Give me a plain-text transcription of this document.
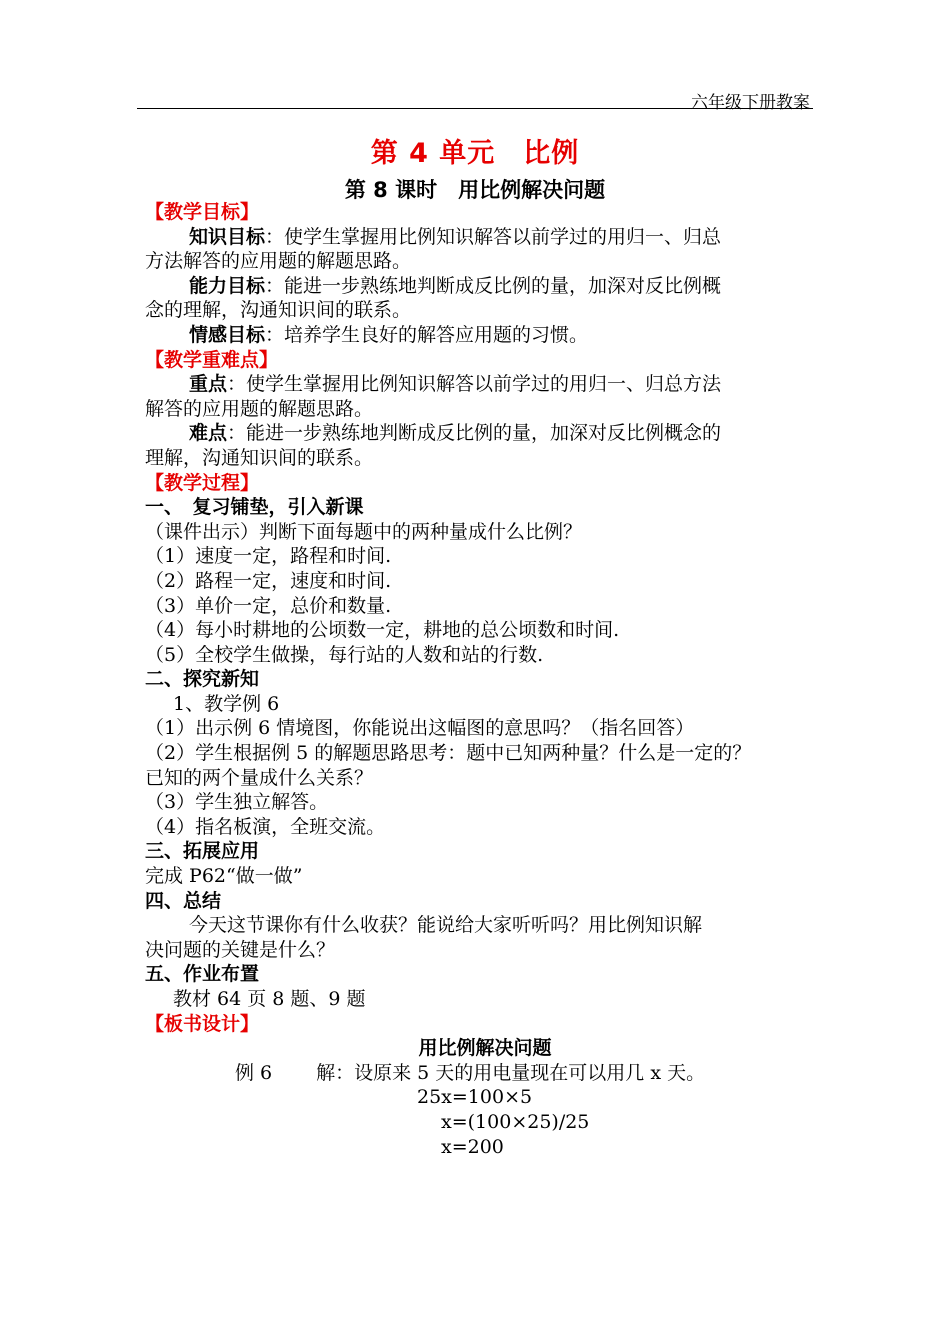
六年级下册教案
第 4 单元　比例
第 8 课时　用比例解决问题
【教学目标】
知识目标：使学生掌握用比例知识解答以前学过的用归一、归总
方法解答的应用题的解题思路。
能力目标：能进一步熟练地判断成反比例的量，加深对反比例概
念的理解，沟通知识间的联系。
情感目标：培养学生良好的解答应用题的习惯。
【教学重难点】
重点：使学生掌握用比例知识解答以前学过的用归一、归总方法
解答的应用题的解题思路。
难点：能进一步熟练地判断成反比例的量，加深对反比例概念的
理解，沟通知识间的联系。
【教学过程】
一、　复习铺垫，引入新课
（课件出示）判断下面每题中的两种量成什么比例？
（1）速度一定，路程和时间.
（2）路程一定，速度和时间.
（3）单价一定，总价和数量.
（4）每小时耕地的公顷数一定，耕地的总公顷数和时间.
（5）全校学生做操，每行站的人数和站的行数.
二、探究新知
1、教学例 6
（1）出示例 6 情境图，你能说出这幅图的意思吗？（指名回答）
（2）学生根据例 5 的解题思路思考：题中已知两种量？什么是一定的？
已知的两个量成什么关系？
（3）学生独立解答。
（4）指名板演，全班交流。
三、拓展应用
完成 P62“做一做”
四、总结
今天这节课你有什么收获？能说给大家听听吗？用比例知识解
决问题的关键是什么？
五、作业布置
教材 64 页 8 题、9 题
【板书设计】
用比例解决问题
例 6 解：设原来 5 天的用电量现在可以用几 x 天。
25x=100×5
x=(100×25)/25
x=200
